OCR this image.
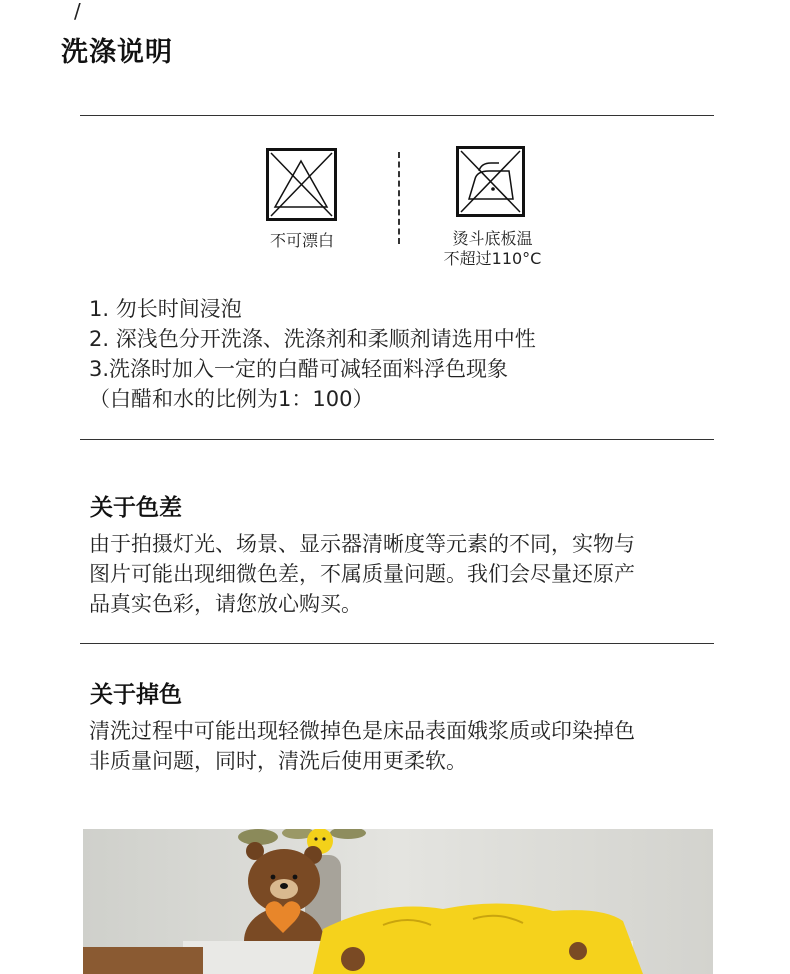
/
洗涤说明
不可漂白	烫斗底板温
不超过110°C
1. 勿长时间浸泡
2. 深浅色分开洗涤、洗涤剂和柔顺剂请选用中性
3.洗涤时加入一定的白醋可减轻面料浮色现象
（白醋和水的比例为1：100）
关于色差
由于拍摄灯光、场景、显示器清晰度等元素的不同，实物与
图片可能出现细微色差，不属质量问题。我们会尽量还原产
品真实色彩，请您放心购买。
关于掉色
清洗过程中可能出现轻微掉色是床品表面娥浆质或印染掉色
非质量问题，同时，清洗后使用更柔软。
